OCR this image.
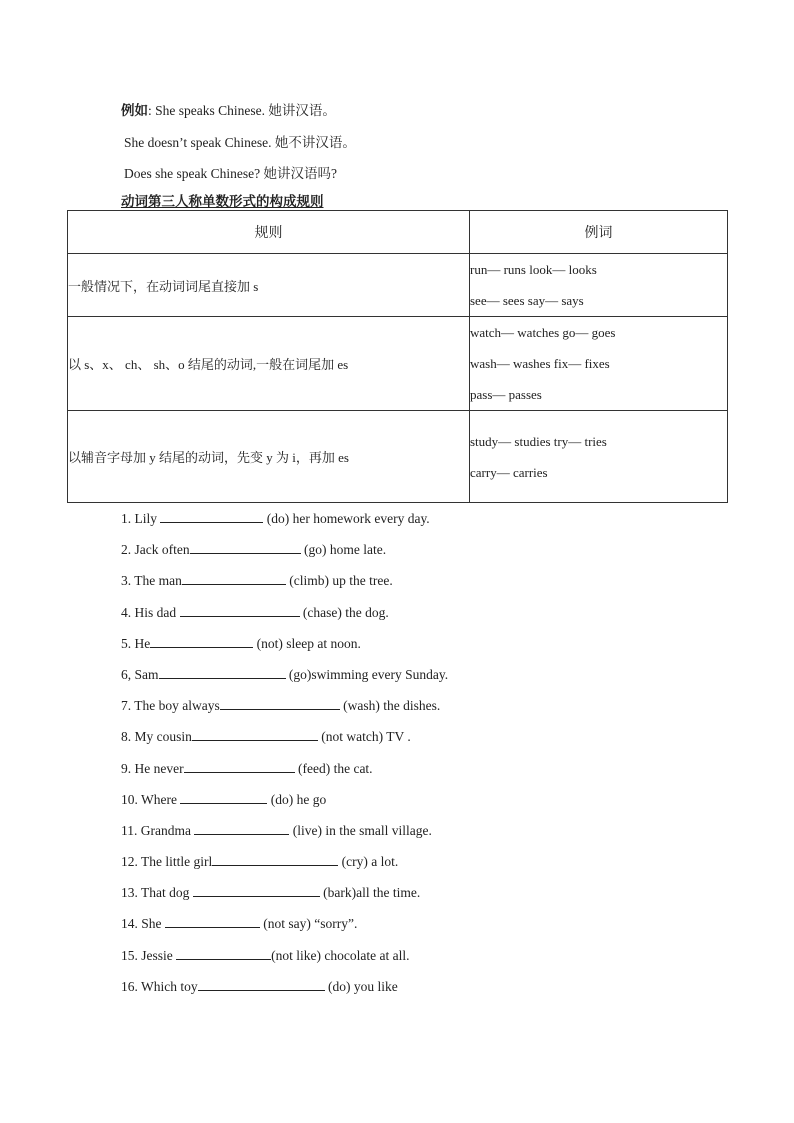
例如: She speaks Chinese. 她讲汉语。
She doesn’t speak Chinese. 她不讲汉语。
Does she speak Chinese? 她讲汉语吗?
动词第三人称单数形式的构成规则
规则	例词
一般情况下，在动词词尾直接加 s	run— runs look— looks
see— sees say— says

以 s、x、 ch、 sh、o 结尾的动词,一般在词尾加 es	watch— watches go— goes
wash— washes fix— fixes
pass— passes

以辅音字母加 y 结尾的动词，先变 y 为 i，再加 es	study— studies try— tries
carry— carries
1. Lily	(do) her homework every day.
2. Jack often	(go) home late.
3. The man	(climb) up the tree.
4. His dad	(chase) the dog.
5. He	(not) sleep at noon.
6, Sam	(go)swimming every Sunday.
7. The boy always	(wash) the dishes.
8. My cousin	(not watch) TV .
9. He never	(feed) the cat.
10. Where	(do) he go
11. Grandma	(live) in the small village.
12. The little girl	(cry) a lot.
13. That dog	(bark)all the time.
14. She	(not say) “sorry”.
15. Jessie	(not like) chocolate at all.
16. Which toy	(do) you like
